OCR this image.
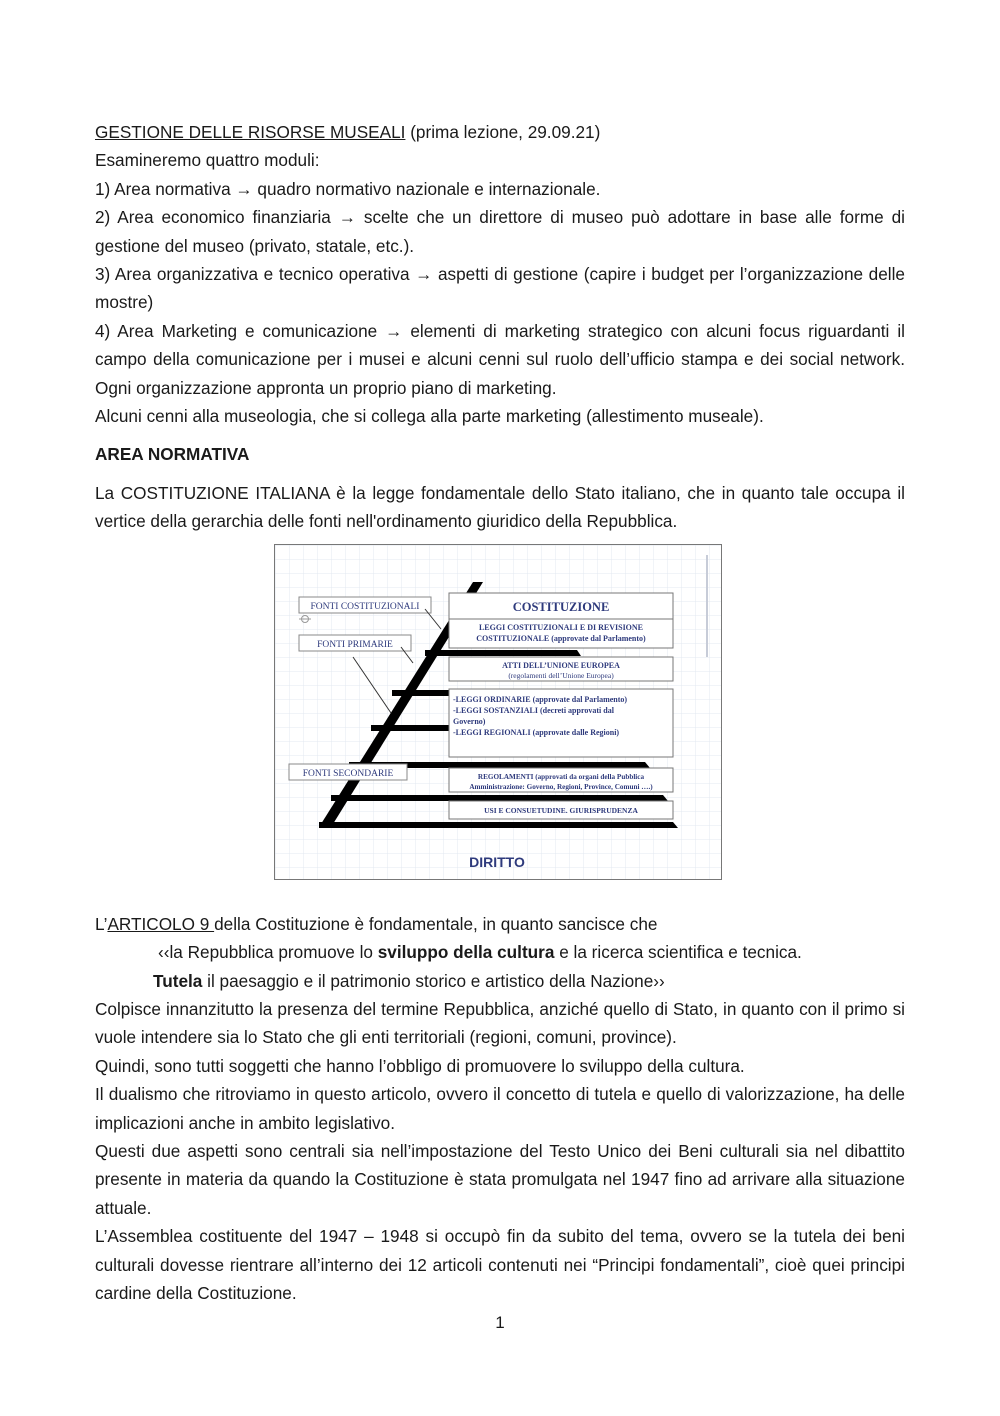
GESTIONE DELLE RISORSE MUSEALI (prima lezione, 29.09.21)

Esamineremo quattro moduli:

1) Area normativa → quadro normativo nazionale e internazionale.

2) Area economico finanziaria → scelte che un direttore di museo può adottare in base alle forme di gestione del museo (privato, statale, etc.).

3) Area organizzativa e tecnico operativa → aspetti di gestione (capire i budget per l’organizzazione delle mostre)

4) Area Marketing e comunicazione → elementi di marketing strategico con alcuni focus riguardanti il campo della comunicazione per i musei e alcuni cenni sul ruolo dell’ufficio stampa e dei social network. Ogni organizzazione appronta un proprio piano di marketing.

Alcuni cenni alla museologia, che si collega alla parte marketing (allestimento museale).

AREA NORMATIVA

La COSTITUZIONE ITALIANA è la legge fondamentale dello Stato italiano, che in quanto tale occupa il vertice della gerarchia delle fonti nell'ordinamento giuridico della Repubblica.

FONTI COSTITUZIONALI
FONTI PRIMARIE
FONTI SECONDARIE
COSTITUZIONE
LEGGI COSTITUZIONALI E DI REVISIONE
COSTITUZIONALE (approvate dal Parlamento)
ATTI DELL’UNIONE EUROPEA
(regolamenti dell’Unione Europea)
-LEGGI ORDINARIE (approvate dal Parlamento)
-LEGGI SOSTANZIALI (decreti approvati dal
Governo)
-LEGGI REGIONALI (approvate dalle Regioni)
REGOLAMENTI (approvati da organi della Pubblica
Amministrazione: Governo, Regioni, Province, Comuni ….)
USI E CONSUETUDINE. GIURISPRUDENZA
DIRITTO

L’ARTICOLO 9 della Costituzione è fondamentale, in quanto sancisce che

‹‹la Repubblica promuove lo sviluppo della cultura e la ricerca scientifica e tecnica.

Tutela il paesaggio e il patrimonio storico e artistico della Nazione››

Colpisce innanzitutto la presenza del termine Repubblica, anziché quello di Stato, in quanto con il primo si vuole intendere sia lo Stato che gli enti territoriali (regioni, comuni, province).

Quindi, sono tutti soggetti che hanno l’obbligo di promuovere lo sviluppo della cultura.

Il dualismo che ritroviamo in questo articolo, ovvero il concetto di tutela e quello di valorizzazione, ha delle implicazioni anche in ambito legislativo.

Questi due aspetti sono centrali sia nell’impostazione del Testo Unico dei Beni culturali sia nel dibattito presente in materia da quando la Costituzione è stata promulgata nel 1947 fino ad arrivare alla situazione attuale.

L’Assemblea costituente del 1947 – 1948 si occupò fin da subito del tema, ovvero se la tutela dei beni culturali dovesse rientrare all’interno dei 12 articoli contenuti nei “Principi fondamentali”, cioè quei principi cardine della Costituzione.

1
